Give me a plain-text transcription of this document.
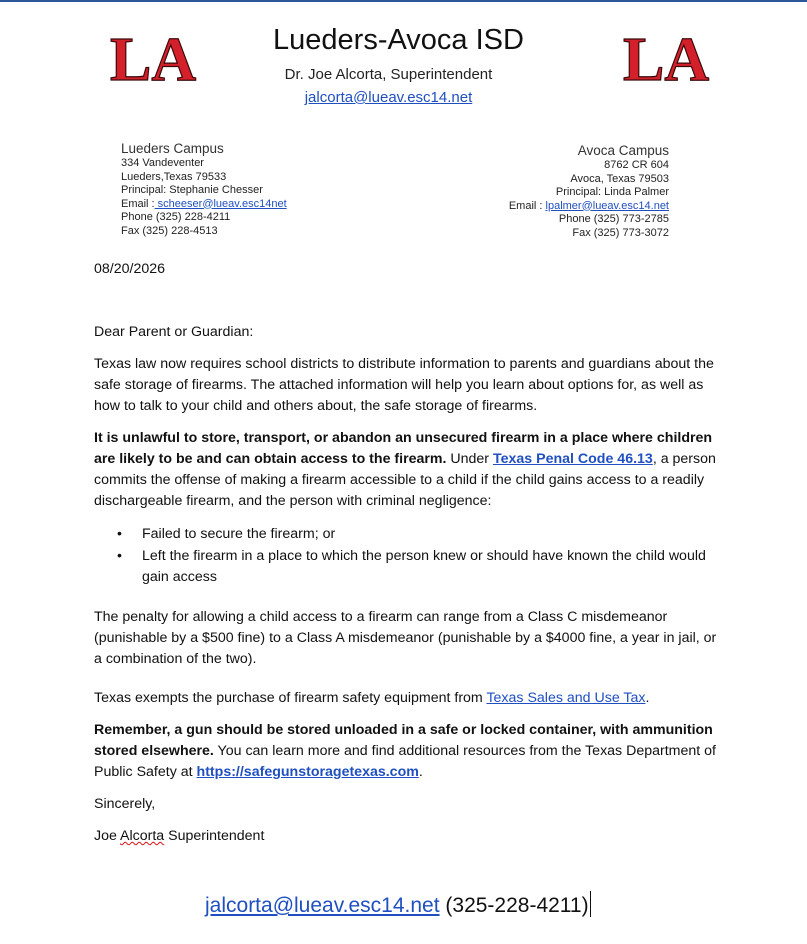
LA	LA
Lueders-Avoca ISD
Dr. Joe Alcorta, Superintendent
jalcorta@lueav.esc14.net
Lueders Campus
334 Vandeventer
Lueders,Texas 79533
Principal: Stephanie Chesser
Email : scheeser@lueav.esc14net
Phone (325) 228-4211
Fax (325) 228-4513
Avoca Campus
8762 CR 604
Avoca, Texas 79503
Principal: Linda Palmer
Email : lpalmer@lueav.esc14.net
Phone (325) 773-2785
Fax (325) 773-3072
08/20/2026
Dear Parent or Guardian:
Texas law now requires school districts to distribute information to parents and guardians about the safe storage of firearms. The attached information will help you learn about options for, as well as how to talk to your child and others about, the safe storage of firearms.
It is unlawful to store, transport, or abandon an unsecured firearm in a place where children are likely to be and can obtain access to the firearm. Under Texas Penal Code 46.13, a person commits the offense of making a firearm accessible to a child if the child gains access to a readily dischargeable firearm, and the person with criminal negligence:
• Failed to secure the firearm; or
• Left the firearm in a place to which the person knew or should have known the child would gain access
The penalty for allowing a child access to a firearm can range from a Class C misdemeanor (punishable by a $500 fine) to a Class A misdemeanor (punishable by a $4000 fine, a year in jail, or a combination of the two).
Texas exempts the purchase of firearm safety equipment from Texas Sales and Use Tax.
Remember, a gun should be stored unloaded in a safe or locked container, with ammunition stored elsewhere. You can learn more and find additional resources from the Texas Department of Public Safety at https://safegunstoragetexas.com.
Sincerely,
Joe Alcorta Superintendent
jalcorta@lueav.esc14.net (325-228-4211)
